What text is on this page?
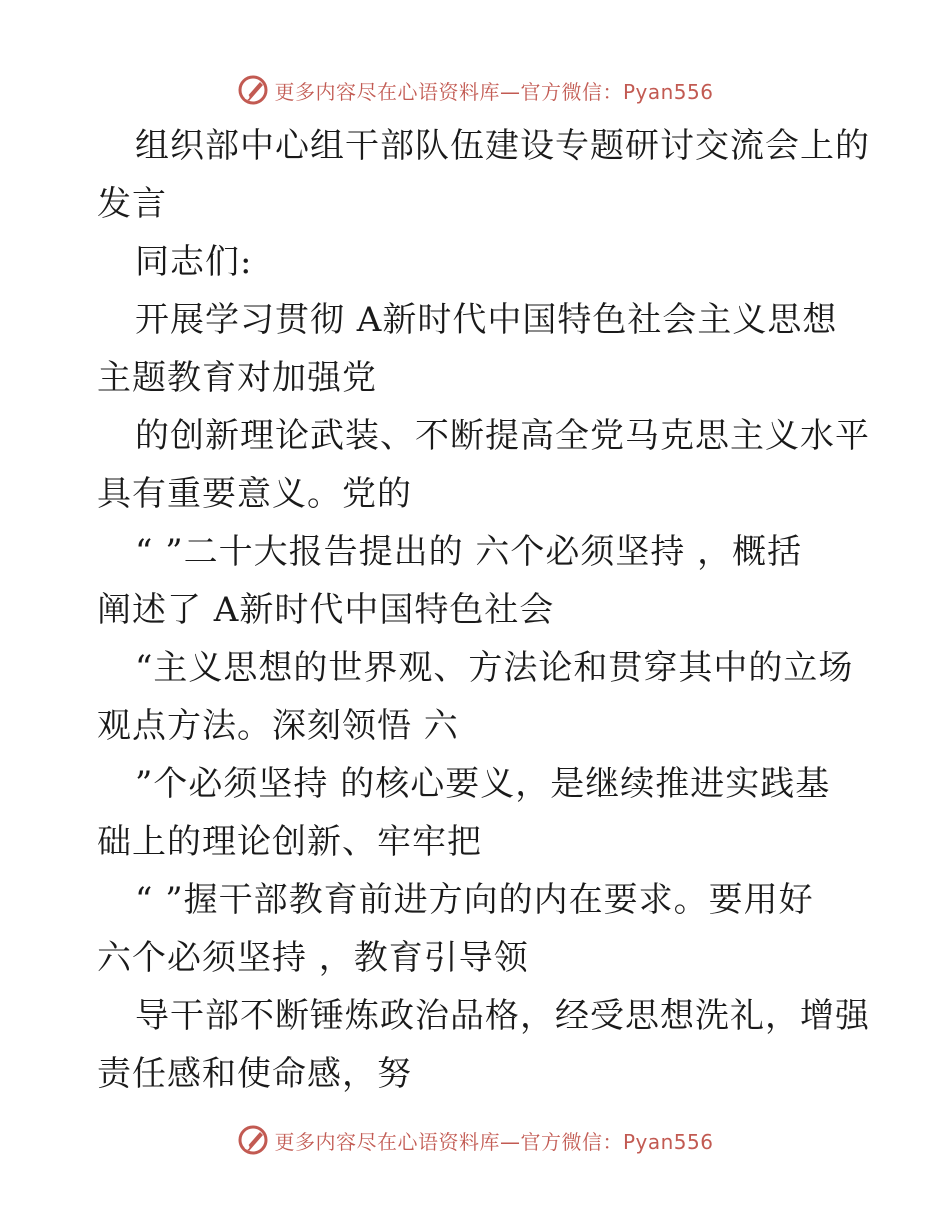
更多内容尽在心语资料库—官方微信：Pyan556
组织部中心组干部队伍建设专题研讨交流会上的
发言
同志们:
开展学习贯彻 A新时代中国特色社会主义思想
主题教育对加强党
的创新理论武装、不断提高全党马克思主义水平
具有重要意义。党的
“ ”二十大报告提出的 六个必须坚持 ，概括
阐述了 A新时代中国特色社会
“主义思想的世界观、方法论和贯穿其中的立场
观点方法。深刻领悟 六
”个必须坚持 的核心要义，是继续推进实践基
础上的理论创新、牢牢把
“ ”握干部教育前进方向的内在要求。要用好
六个必须坚持 ，教育引导领
导干部不断锤炼政治品格，经受思想洗礼，增强
责任感和使命感，努
更多内容尽在心语资料库—官方微信：Pyan556
